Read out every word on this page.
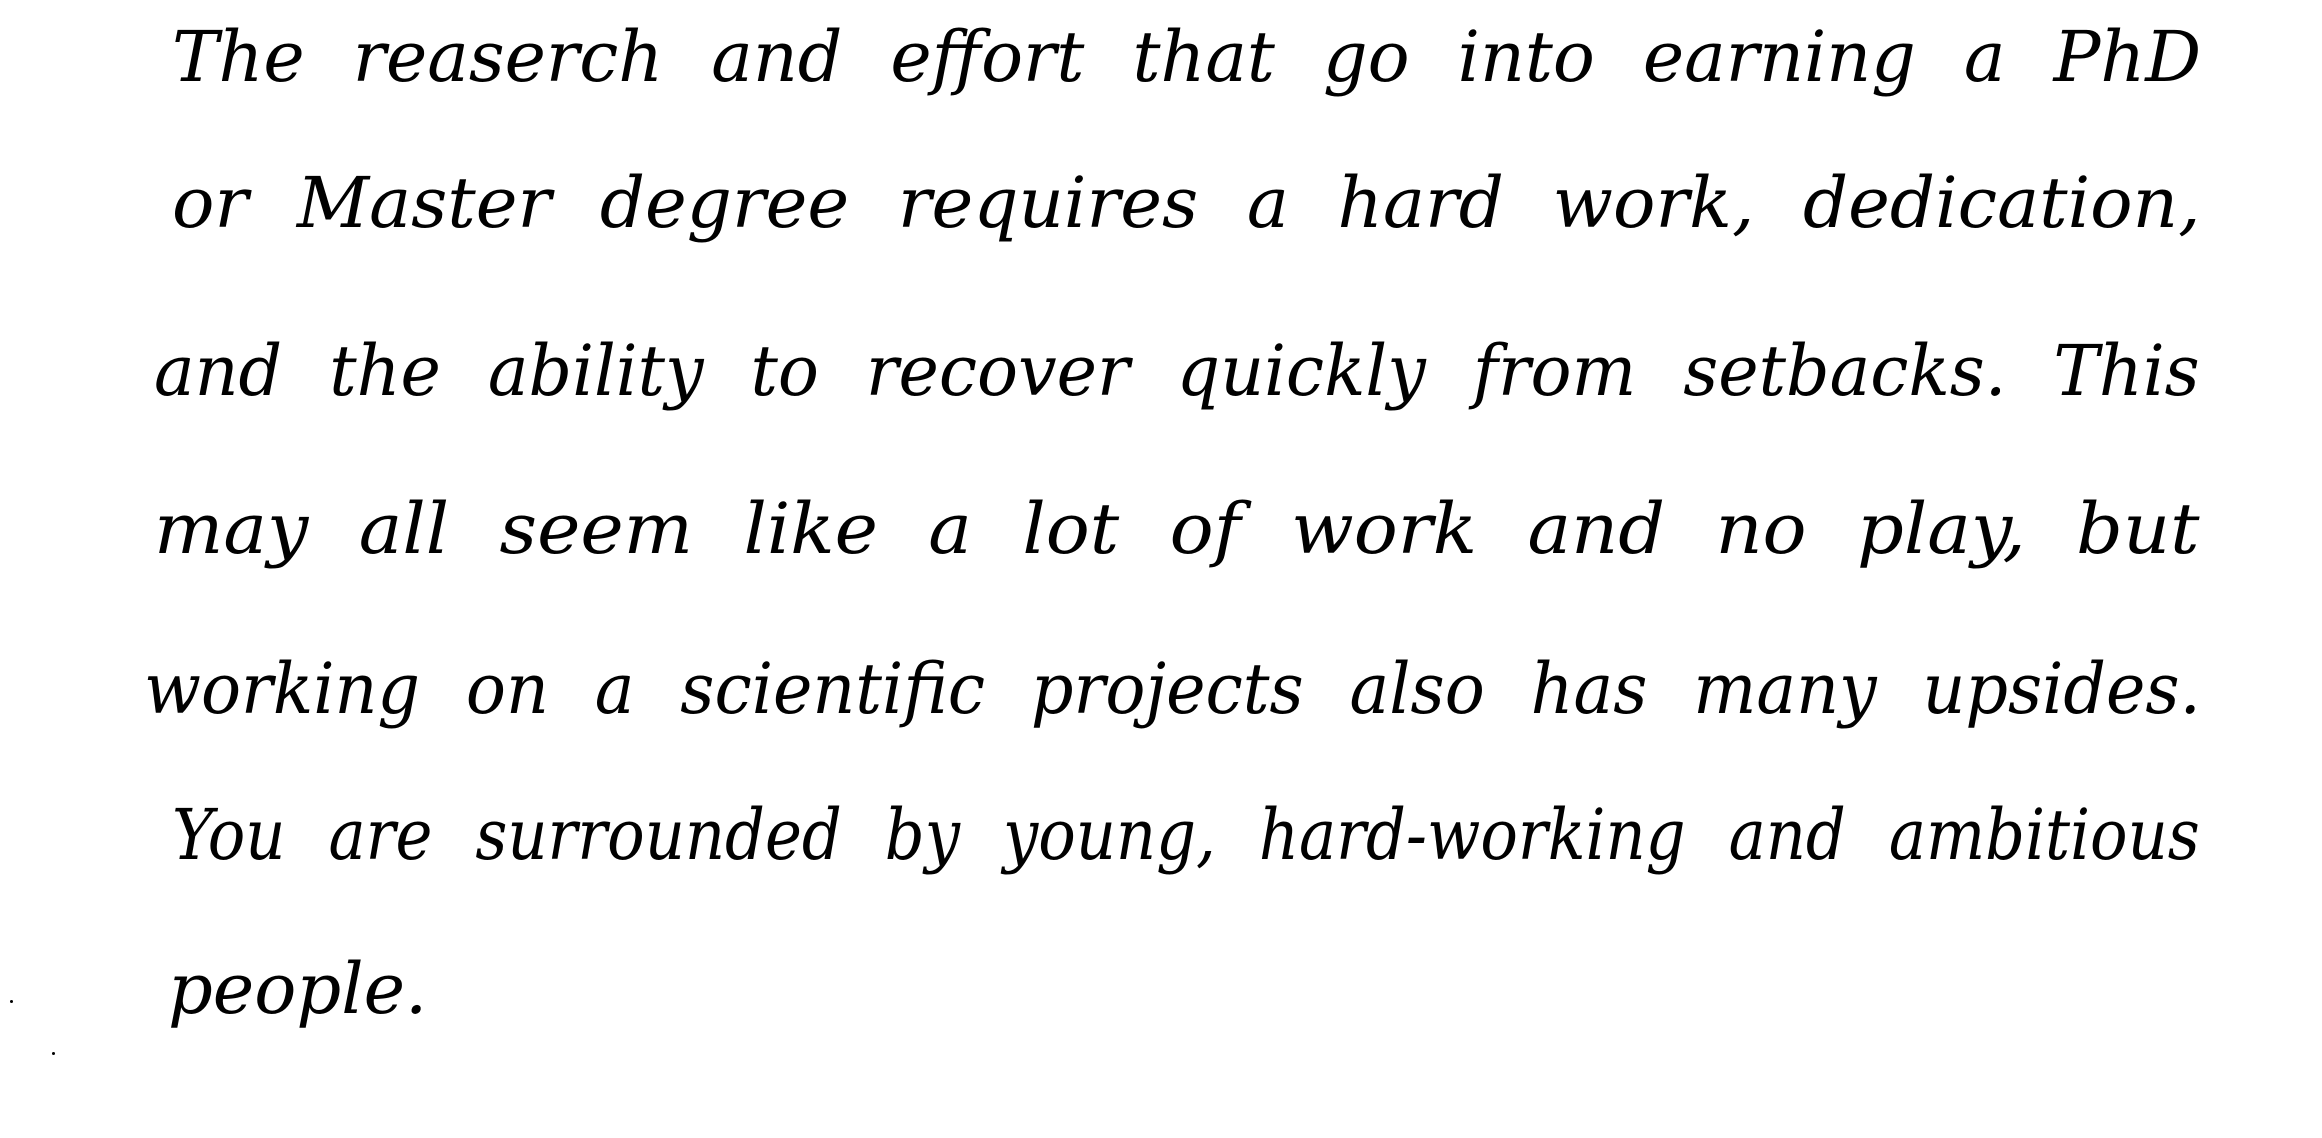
The reaserch and effort that go into earning a PhD
or Master degree requires a hard work, dedication,
and the ability to recover quickly from setbacks. This
may all seem like a lot of work and no play, but
working on a scientific projects also has many upsides.
You are surrounded by young, hard-working and ambitious
people.
